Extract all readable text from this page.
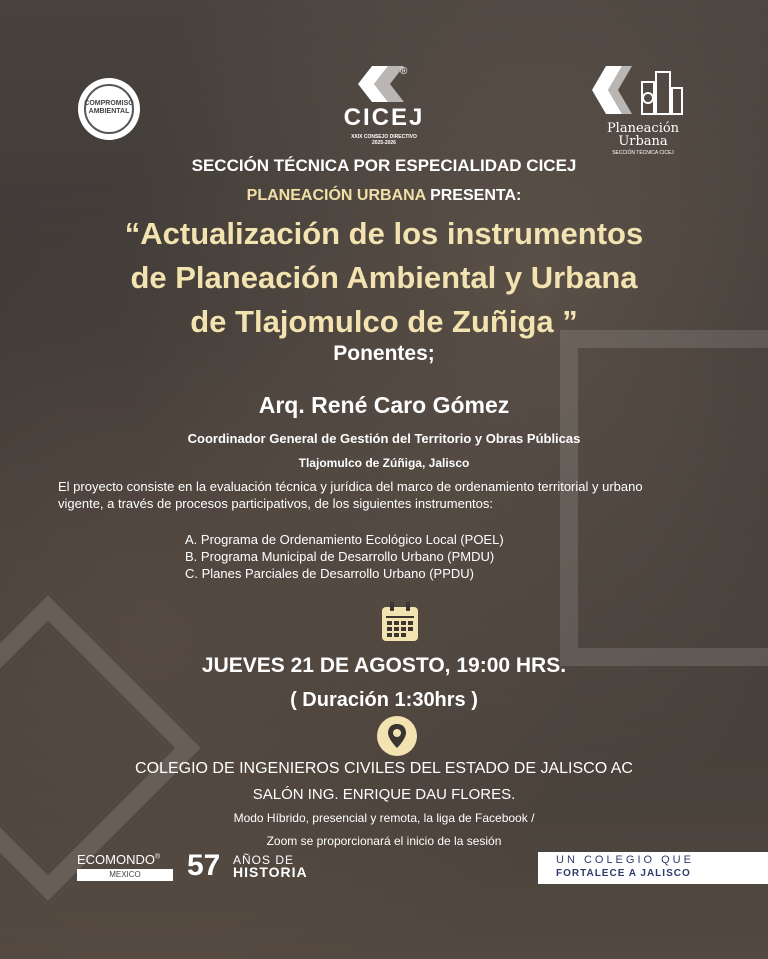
COMPROMISO AMBIENTAL
®
CICEJ
XXIX CONSEJO DIRECTIVO
2025-2026
Planeación
Urbana
SECCIÓN TÉCNICA CICEJ
SECCIÓN TÉCNICA POR ESPECIALIDAD CICEJ
PLANEACIÓN URBANA PRESENTA:
“Actualización de los instrumentos
de Planeación Ambiental y Urbana
de Tlajomulco de Zuñiga ”
Ponentes;
Arq. René Caro Gómez
Coordinador General de Gestión del Territorio y Obras Públicas
Tlajomulco de Zúñiga, Jalisco
El proyecto consiste en la evaluación técnica y jurídica del marco de ordenamiento territorial y urbano
vigente, a través de procesos participativos, de los siguientes instrumentos:
A. Programa de Ordenamiento Ecológico Local (POEL)
B. Programa Municipal de Desarrollo Urbano (PMDU)
C. Planes Parciales de Desarrollo Urbano (PPDU)
JUEVES 21 DE AGOSTO, 19:00 HRS.
( Duración 1:30hrs )
COLEGIO DE INGENIEROS CIVILES DEL ESTADO DE JALISCO AC
SALÓN ING. ENRIQUE DAU FLORES.
Modo Híbrido, presencial y remota, la liga de Facebook /
Zoom se proporcionará el inicio de la sesión
ECOMONDO®
MEXICO	57 AÑOS DE
HISTORIA
UN COLEGIO QUE
FORTALECE A JALISCO
